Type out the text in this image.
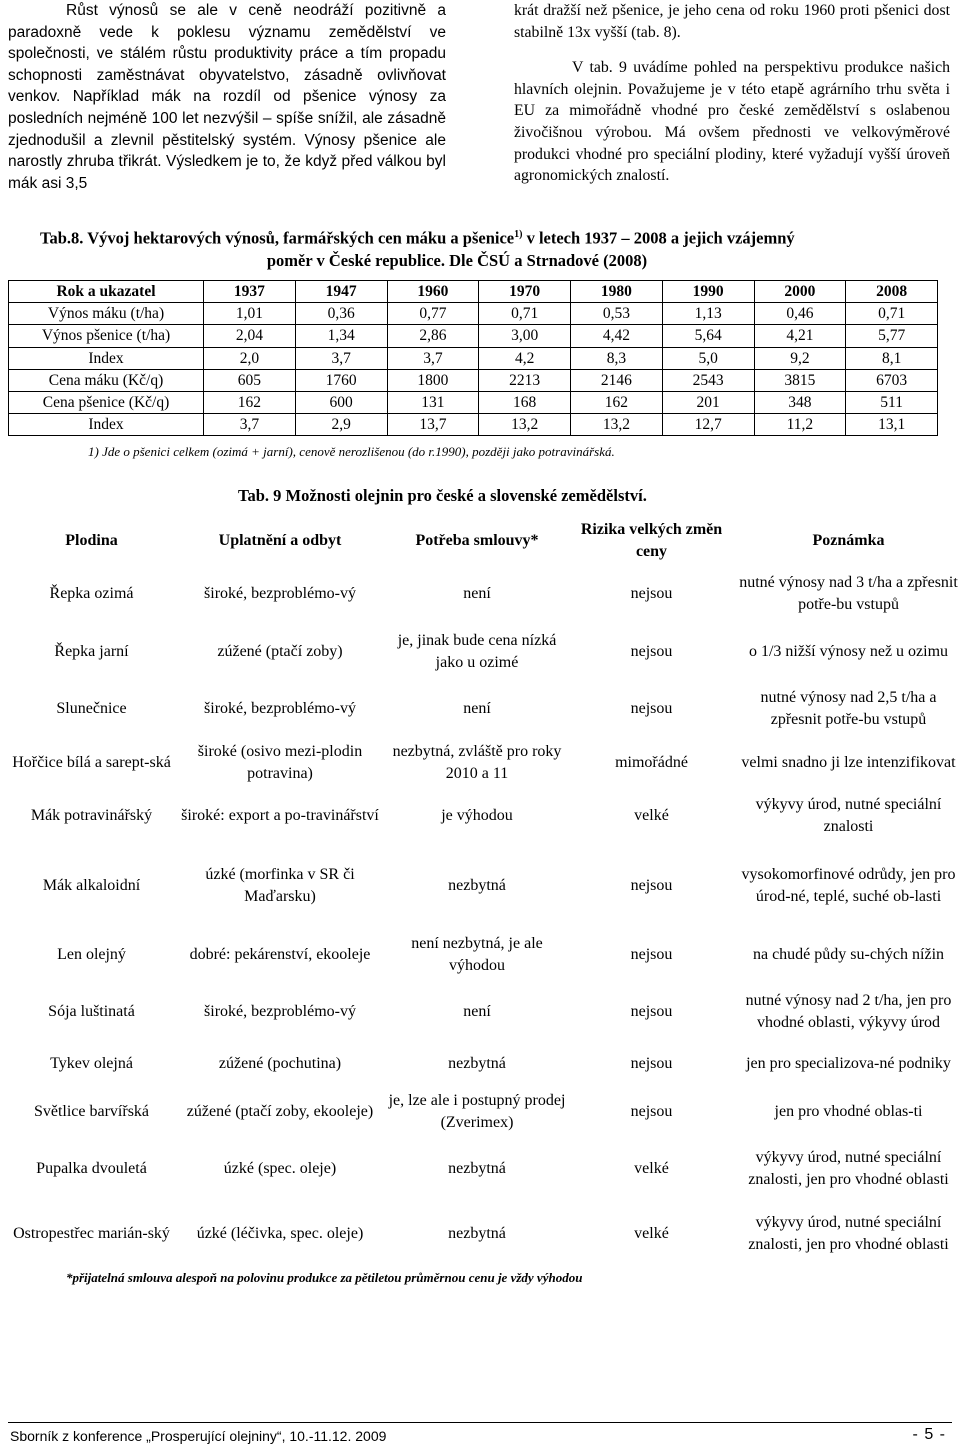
Růst výnosů se ale v ceně neodráží pozitivně a paradoxně vede k poklesu významu zemědělství ve společnosti, ve stálém růstu produktivity práce a tím propadu schopnosti zaměstnávat obyvatelstvo, zásadně ovlivňovat venkov. Například mák na rozdíl od pšenice výnosy za posledních nejméně 100 let nezvýšil – spíše snížil, ale zásadně zjednodušil a zlevnil pěstitelský systém. Výnosy pšenice ale narostly zhruba třikrát. Výsledkem je to, že když před válkou byl mák asi 3,5

krát dražší než pšenice, je jeho cena od roku 1960 proti pšenici dost stabilně 13x vyšší (tab. 8).

V tab. 9 uvádíme pohled na perspektivu produkce našich hlavních olejnin. Považujeme je v této etapě agrárního trhu světa i EU za mimořádně vhodné pro české zemědělství s oslabenou živočišnou výrobou. Má ovšem přednosti ve velkovýměrové produkci vhodné pro speciální plodiny, které vyžadují vyšší úroveň agronomických znalostí.

Tab.8. Vývoj hektarových výnosů, farmářských cen máku a pšenice$^{1)}$ v letech 1937 – 2008 a jejich vzájemný
poměr v České republice. Dle ČSÚ a Strnadové (2008)
Rok a ukazatel	1937	1947	1960	1970	1980	1990	2000	2008
Výnos máku (t/ha)	1,01	0,36	0,77	0,71	0,53	1,13	0,46	0,71
Výnos pšenice (t/ha)	2,04	1,34	2,86	3,00	4,42	5,64	4,21	5,77
Index	2,0	3,7	3,7	4,2	8,3	5,0	9,2	8,1
Cena máku (Kč/q)	605	1760	1800	2213	2146	2543	3815	6703
Cena pšenice (Kč/q)	162	600	131	168	162	201	348	511
Index	3,7	2,9	13,7	13,2	13,2	12,7	11,2	13,1
1) Jde o pšenici celkem (ozimá + jarní), cenově nerozlišenou (do r.1990), později jako potravinářská.
Tab. 9 Možnosti olejnin pro české a slovenské zemědělství.
Plodina	Uplatnění a odbyt	Potřeba smlouvy*	Rizika velkých změn ceny	Poznámka
Řepka ozimá	široké, bezproblémo-vý	není	nejsou	nutné výnosy nad 3 t/ha a zpřesnit potře-bu vstupů
Řepka jarní	zúžené (ptačí zoby)	je, jinak bude cena nízká jako u ozimé	nejsou	o 1/3 nižší výnosy než u ozimu
Slunečnice	široké, bezproblémo-vý	není	nejsou	nutné výnosy nad 2,5 t/ha a zpřesnit potře-bu vstupů
Hořčice bílá a sarept-ská	široké (osivo mezi-plodin potravina)	nezbytná, zvláště pro roky 2010 a 11	mimořádné	velmi snadno ji lze intenzifikovat
Mák potravinářský	široké: export a po-travinářství	je výhodou	velké	výkyvy úrod, nutné speciální znalosti
Mák alkaloidní	úzké (morfinka v SR či Maďarsku)	nezbytná	nejsou	vysokomorfinové odrůdy, jen pro úrod-né, teplé, suché ob-lasti
Len olejný	dobré: pekárenství, ekooleje	není nezbytná, je ale výhodou	nejsou	na chudé půdy su-chých nížin
Sója luštinatá	široké, bezproblémo-vý	není	nejsou	nutné výnosy nad 2 t/ha, jen pro vhodné oblasti, výkyvy úrod
Tykev olejná	zúžené (pochutina)	nezbytná	nejsou	jen pro specializova-né podniky
Světlice barvířská	zúžené (ptačí zoby, ekooleje)	je, lze ale i postupný prodej (Zverimex)	nejsou	jen pro vhodné oblas-ti
Pupalka dvouletá	úzké (spec. oleje)	nezbytná	velké	výkyvy úrod, nutné speciální znalosti, jen pro vhodné oblasti
Ostropestřec marián-ský	úzké (léčivka, spec. oleje)	nezbytná	velké	výkyvy úrod, nutné speciální znalosti, jen pro vhodné oblasti
*přijatelná smlouva alespoň na polovinu produkce za pětiletou průměrnou cenu je vždy výhodou
Sborník z konference „Prosperující olejniny“, 10.-11.12. 2009	- 5 -
